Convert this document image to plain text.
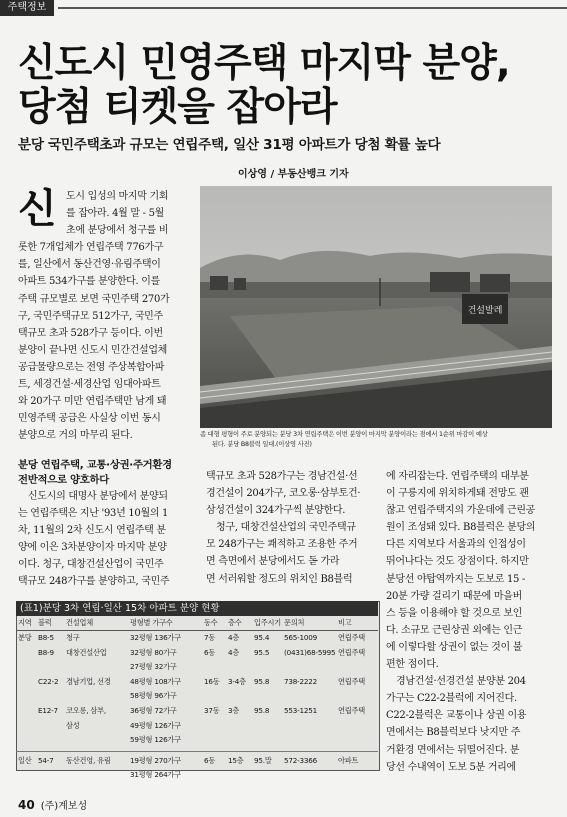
주택정보
신도시 민영주택 마지막 분양,
당첨 티켓을 잡아라
분당 국민주택초과 규모는 연립주택, 일산 31평 아파트가 당첨 확률 높다
이상영 / 부동산뱅크 기자
신 도시 입성의 마지막 기회
를 잡아라. 4월 말 - 5월
초에 분당에서 청구를 비
롯한 7개업체가 연립주택 776가구
를, 일산에서 동산건영·유림주택이
아파트 534가구를 분양한다. 이를
주택 규모별로 보면 국민주택 270가
구, 국민주택규모 512가구, 국민주
택규모 초과 528가구 등이다. 이번
분양이 끝나면 신도시 민간건설업체
공급물량으로는 전영 주상복합아파
트, 세경건설·세경산업 임대아파트
와 20가구 미만 연립주택만 남게 돼
민영주택 공급은 사실상 이번 동시
분양으로 거의 마무리 된다.
분당 연립주택, 교통·상권·주거환경
전반적으로 양호하다
신도시의 대명사 분당에서 분양되
는 연립주택은 지난 '93년 10월의 1
차, 11월의 2차 신도시 연립주택 분
양에 이은 3차분양이자 마지막 분양
이다. 청구, 대창건설산업이 국민주
택규모 248가구를 분양하고, 국민주
건설발레
좀 대형 평형이 주로 분양되는 분당 3차 연립주택은 이번 분양이 마지막 분양이라는 점에서 1순위 마감이 예상
된다. 분당 B8블럭 일대.(이상영 사진)
택규모 초과 528가구는 경남건설·선
경건설이 204가구, 코오롱·삼부토건·
삼성건설이 324가구씩 분양한다.
청구, 대창건설산업의 국민주택규
모 248가구는 쾌적하고 조용한 주거
면 측면에서 분당에서도 돋 가라
면 서러워할 정도의 위치인 B8블럭
에 자리잡는다. 연립주택의 대부분
이 구릉지에 위치하게돼 전망도 괜
찮고 연립주택지의 가운데에 근린공
원이 조성돼 있다. B8블럭은 분당의
다른 지역보다 서울과의 인접성이
뛰어나다는 것도 장점이다. 하지만
분당선 야탑역까지는 도보로 15 -
20분 가량 걸리기 때문에 마을버
스 등을 이용해야 할 것으로 보인
다. 소규모 근린상권 외에는 인근
에 이렇다할 상권이 없는 것이 불
편한 점이다.
경남건설·선경건설 분양분 204
가구는 C22-2블럭에 지어진다.
C22-2블럭은 교통이나 상권 이용
면에서는 B8블럭보다 낫지만 주
거환경 면에서는 뒤떨어진다. 분
당선 수내역이 도보 5분 거리에
(표1)분당 3차 연립·일산 15차 아파트 분양 현황
지역 블럭 건설업체	평형별 가구수	동수 층수 입주시기 문의처	비고
분당 B8-5 청구	32평형 136가구	7동 4층 95.4 565-1009	연립주택
B8-9 대창건설산업	32평형 80가구	6동 4층 95.5 (0431)68-5995 연립주택
27평형 32가구
C22-2 경남기업, 선경	48평형 108가구	16동 3-4층 95.8 738-2222	연립주택
58평형 96가구
E12-7 코오롱, 삼부,	36평형 72가구	37동 3층 95.8 553-1251	연립주택
삼성	49평형 126가구
59평형 126가구
일산 54-7 동산건영, 유림	19평형 270가구	6동 15층 95.말 572-3366	아파트
31평형 264가구
40 (주)계보성
